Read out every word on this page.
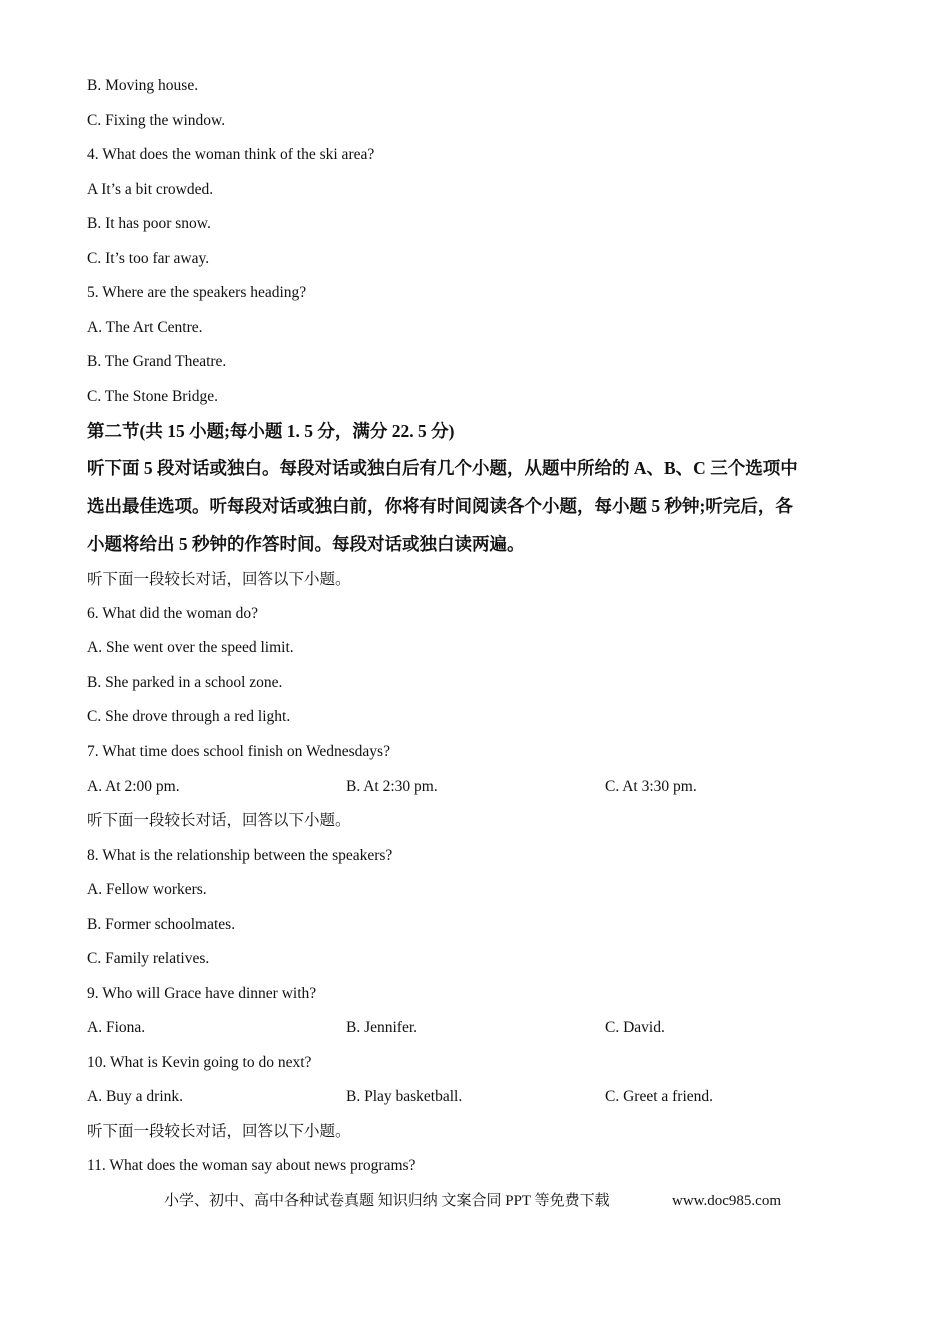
B. Moving house.
C. Fixing the window.
4. What does the woman think of the ski area?
A It’s a bit crowded.
B. It has poor snow.
C. It’s too far away.
5. Where are the speakers heading?
A. The Art Centre.
B. The Grand Theatre.
C. The Stone Bridge.
第二节(共 15 小题;每小题 1. 5 分，满分 22. 5 分)
听下面 5 段对话或独白。每段对话或独白后有几个小题，从题中所给的 A、B、C 三个选项中
选出最佳选项。听每段对话或独白前，你将有时间阅读各个小题，每小题 5 秒钟;听完后，各
小题将给出 5 秒钟的作答时间。每段对话或独白读两遍。
听下面一段较长对话，回答以下小题。
6. What did the woman do?
A. She went over the speed limit.
B. She parked in a school zone.
C. She drove through a red light.
7. What time does school finish on Wednesdays?
A. At 2:00 pm.	B. At 2:30 pm.	C. At 3:30 pm.
听下面一段较长对话，回答以下小题。
8. What is the relationship between the speakers?
A. Fellow workers.
B. Former schoolmates.
C. Family relatives.
9. Who will Grace have dinner with?
A. Fiona.	B. Jennifer.	C. David.
10. What is Kevin going to do next?
A. Buy a drink.	B. Play basketball.	C. Greet a friend.
听下面一段较长对话，回答以下小题。
11. What does the woman say about news programs?
小学、初中、高中各种试卷真题 知识归纳 文案合同 PPT 等免费下载	www.doc985.com
